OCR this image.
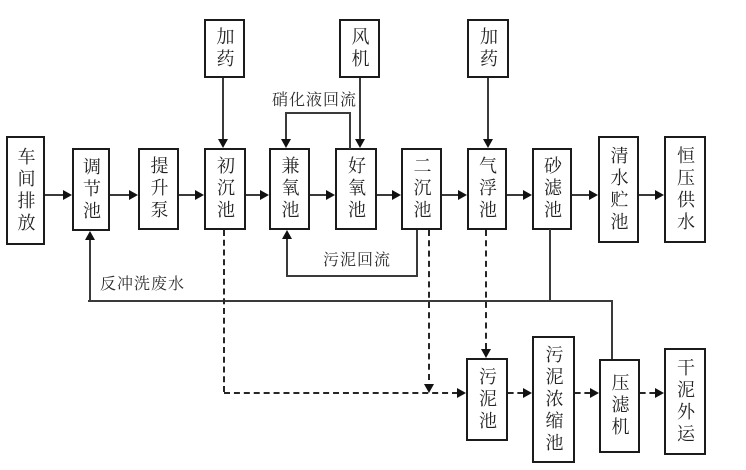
车间排放	调节池	提升泵	初沉池	兼氧池	好氧池	二沉池	气浮池	砂滤池	清水贮池	恒压供水
加药	风机	加药
污泥池	污泥浓缩池	压滤机	干泥外运
硝化液回流
污泥回流
反冲洗废水
